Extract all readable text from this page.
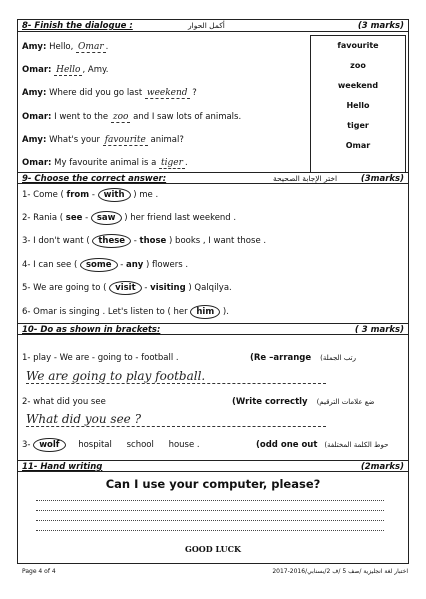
8- Finish the dialogue :	أكمل الحوار	(3 marks)
Amy: Hello, Omar .
Omar: Hello , Amy.
Amy: Where did you go last weekend ?
Omar: I went to the zoo and I saw lots of animals.
Amy: What's your favourite animal?
Omar: My favourite animal is a tiger .
favourite
zoo
weekend
Hello
tiger
Omar
9- Choose the correct answer:	اختر الإجابة الصحيحة	(3marks)
1- Come ( from - with ) me .
2- Rania ( see - saw ) her friend last weekend .
3- I don't want ( these - those ) books , I want those .
4- I can see ( some - any ) flowers .
5- We are going to ( visit - visiting ) Qalqilya.
6- Omar is singing . Let's listen to ( her him ).
10- Do as shown in brackets:	( 3 marks)
1- play - We are - going to - football .	(Re –arrange (رتب الجملة
We are going to play football.
2- what did you see	(Write correctly (ضع علامات الترقيم
What did you see ?
3- wolf hospital school house .	(odd one out (حوط الكلمة المختلفة
11- Hand writing	(2marks)
Can I use your computer, please?
GOOD LUCK
Page 4 of 4	اختبار لغة انجليزية /صف 5 /ف 2/بسنابي/2016-2017
